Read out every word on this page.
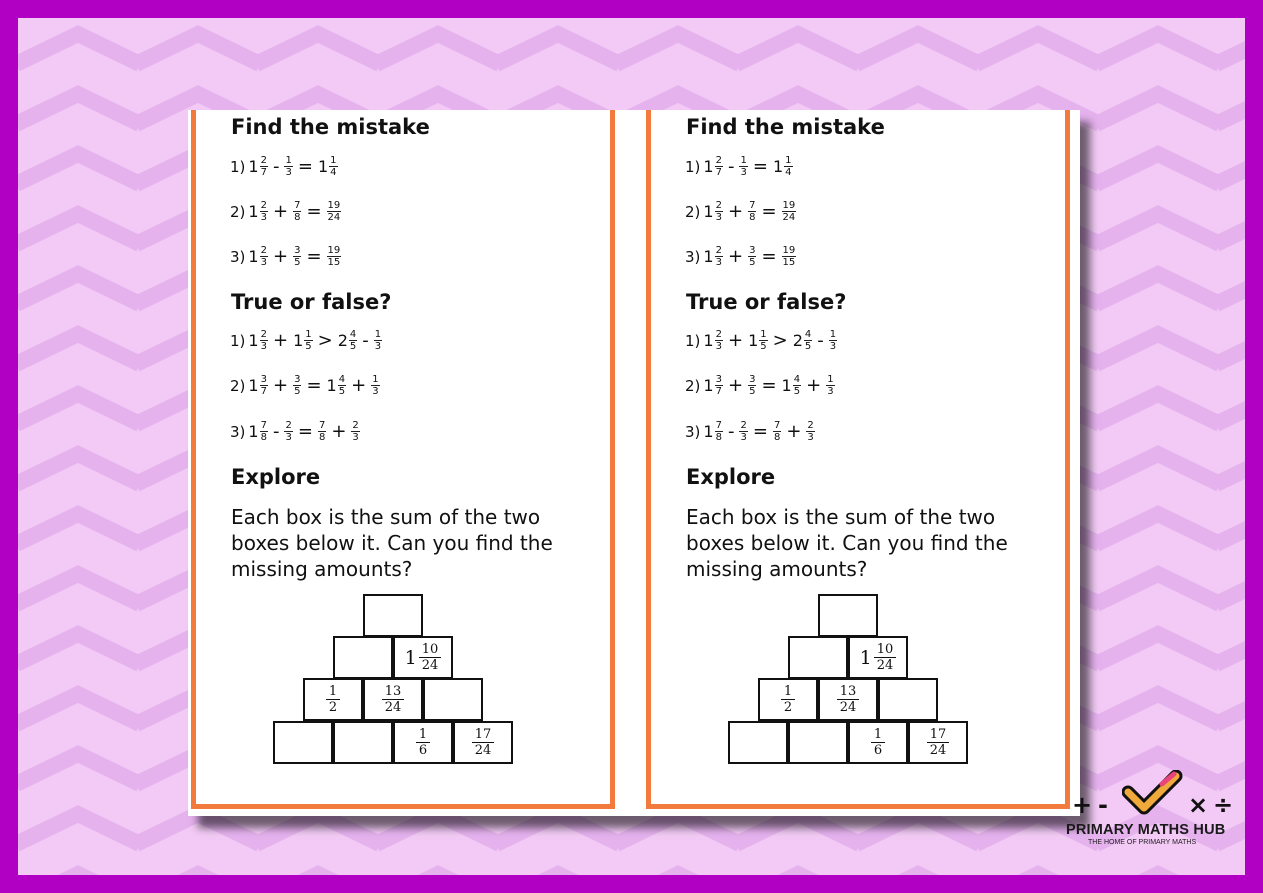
Find the mistake
1) $1 \frac{2}{7} - \frac{1}{3} = 1 \frac{1}{4}$
2) $1 \frac{2}{3} + \frac{7}{8} = \frac{19}{24}$
3) $1 \frac{2}{3} + \frac{3}{5} = \frac{19}{15}$
True or false?
1) $1 \frac{2}{3} + 1 \frac{1}{5} > 2 \frac{4}{5} - \frac{1}{3}$
2) $1 \frac{3}{7} + \frac{3}{5} = 1 \frac{4}{5} + \frac{1}{3}$
3) $1 \frac{7}{8} - \frac{2}{3} = \frac{7}{8} + \frac{2}{3}$
Explore
Each box is the sum of the two boxes below it. Can you find the missing amounts?
$1 \frac{10}{24}$
$\frac{1}{2}$	$\frac{13}{24}$
$\frac{1}{6}$	$\frac{17}{24}$
Find the mistake
1) $1 \frac{2}{7} - \frac{1}{3} = 1 \frac{1}{4}$
2) $1 \frac{2}{3} + \frac{7}{8} = \frac{19}{24}$
3) $1 \frac{2}{3} + \frac{3}{5} = \frac{19}{15}$
True or false?
1) $1 \frac{2}{3} + 1 \frac{1}{5} > 2 \frac{4}{5} - \frac{1}{3}$
2) $1 \frac{3}{7} + \frac{3}{5} = 1 \frac{4}{5} + \frac{1}{3}$
3) $1 \frac{7}{8} - \frac{2}{3} = \frac{7}{8} + \frac{2}{3}$
Explore
Each box is the sum of the two boxes below it. Can you find the missing amounts?
$1 \frac{10}{24}$
$\frac{1}{2}$	$\frac{13}{24}$
$\frac{1}{6}$	$\frac{17}{24}$
+ -	× ÷
PRIMARY MATHS HUB
THE HOME OF PRIMARY MATHS
